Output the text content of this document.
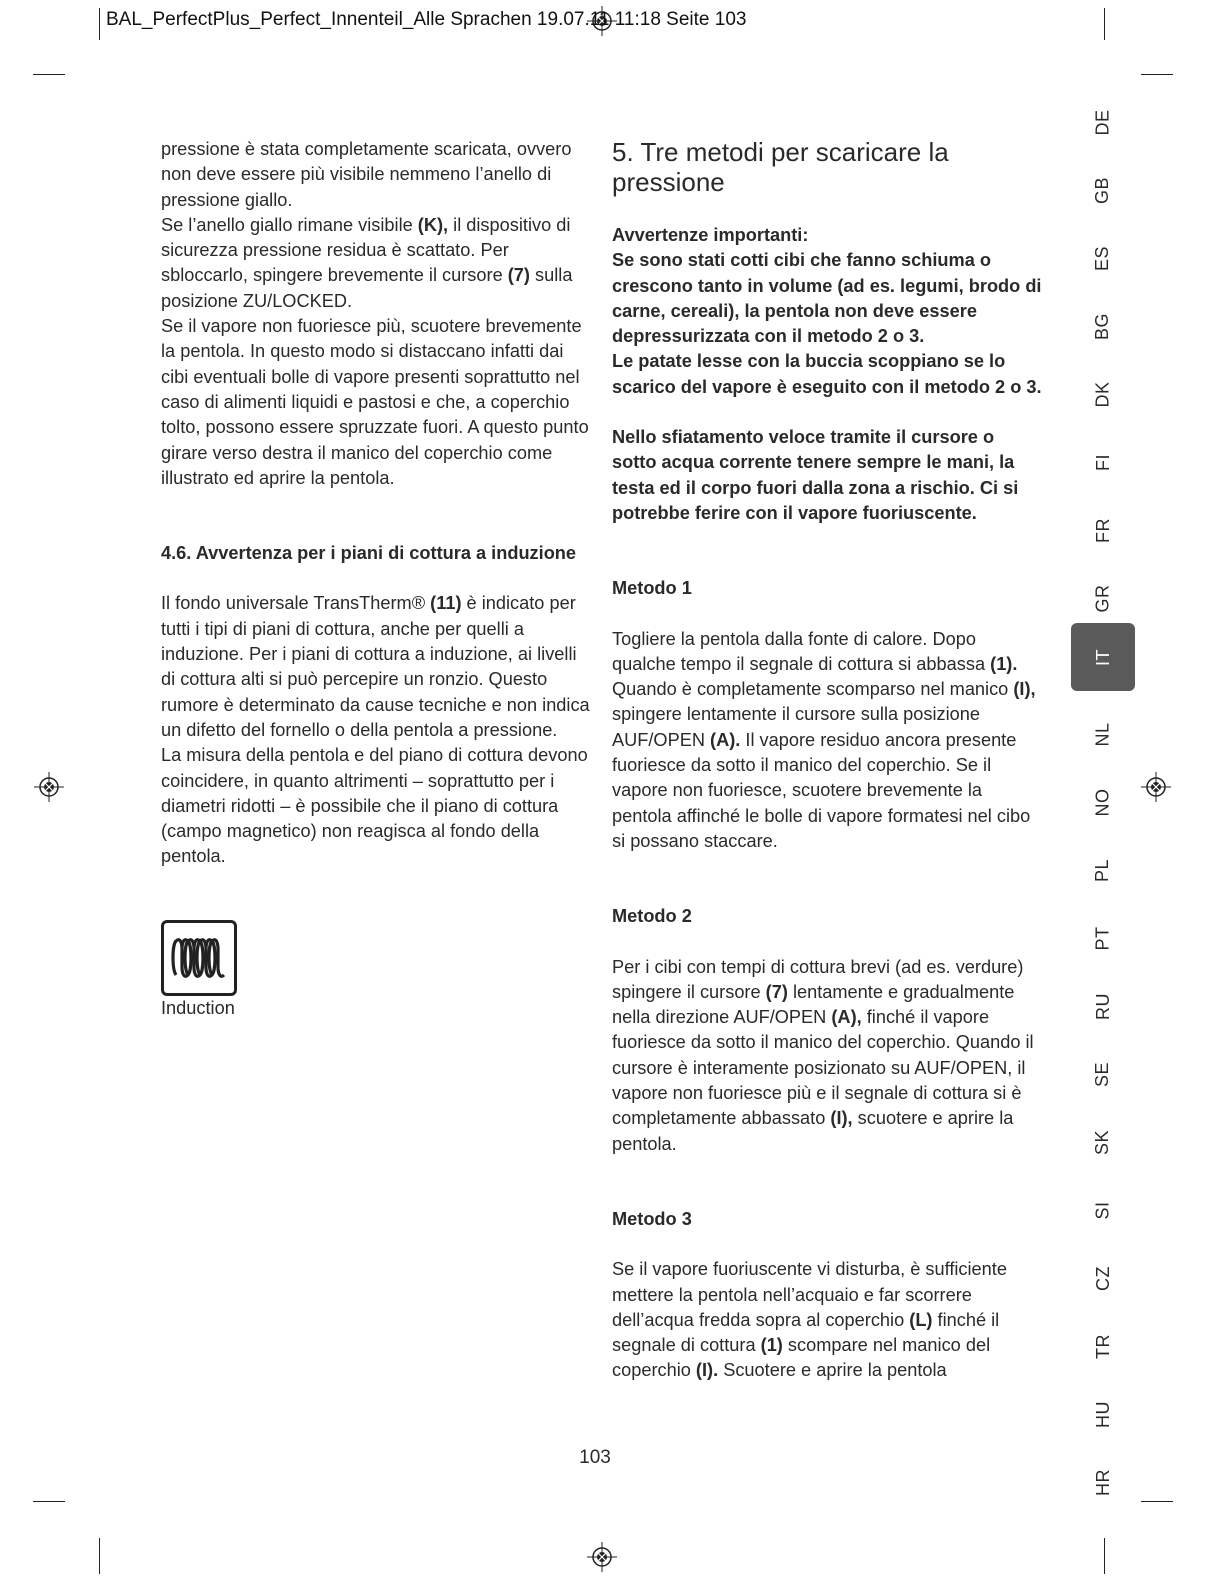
BAL_PerfectPlus_Perfect_Innenteil_Alle Sprachen 19.07.11 11:18 Seite 103

pressione è stata completamente scaricata, ovvero

non deve essere più visibile nemmeno l’anello di

pressione giallo.

Se l’anello giallo rimane visibile (K), il dispositivo di sicurezza pressione residua è scattato. Per sbloccarlo, spingere brevemente il cursore (7) sulla posizione ZU/LOCKED.

Se il vapore non fuoriesce più, scuotere brevemente la pentola. In questo modo si distaccano infatti dai cibi eventuali bolle di vapore presenti soprattutto nel caso di alimenti liquidi e pastosi e che, a coperchio tolto, possono essere spruzzate fuori. A questo punto girare verso destra il manico del coperchio come illustrato ed aprire la pentola.

4.6. Avvertenza per i piani di cottura a induzione

Il fondo universale TransTherm® (11) è indicato per tutti i tipi di piani di cottura, anche per quelli a induzione. Per i piani di cottura a induzione, ai livelli di cottura alti si può percepire un ronzio. Questo rumore è determinato da cause tecniche e non indica un difetto del fornello o della pentola a pressione.

La misura della pentola e del piano di cottura devono coincidere, in quanto altrimenti – soprattutto per i diametri ridotti – è possibile che il piano di cottura (campo magnetico) non reagisca al fondo della pentola.

Induction

5. Tre metodi per scaricare la pressione

Avvertenze importanti:

Se sono stati cotti cibi che fanno schiuma o crescono tanto in volume (ad es. legumi, brodo di carne, cereali), la pentola non deve essere depressurizzata con il metodo 2 o 3.

Le patate lesse con la buccia scoppiano se lo scarico del vapore è eseguito con il metodo 2 o 3.

Nello sfiatamento veloce tramite il cursore o sotto acqua corrente tenere sempre le mani, la testa ed il corpo fuori dalla zona a rischio. Ci si potrebbe ferire con il vapore fuoriuscente.

Metodo 1

Togliere la pentola dalla fonte di calore. Dopo qualche tempo il segnale di cottura si abbassa (1). Quando è completamente scomparso nel manico (I), spingere lentamente il cursore sulla posizione AUF/OPEN (A). Il vapore residuo ancora presente fuoriesce da sotto il manico del coperchio. Se il vapore non fuoriesce, scuotere brevemente la pentola affinché le bolle di vapore formatesi nel cibo si possano staccare.

Metodo 2

Per i cibi con tempi di cottura brevi (ad es. verdure) spingere il cursore (7) lentamente e gradualmente nella direzione AUF/OPEN (A), finché il vapore fuoriesce da sotto il manico del coperchio. Quando il cursore è interamente posizionato su AUF/OPEN, il vapore non fuoriesce più e il segnale di cottura si è completamente abbassato (I), scuotere e aprire la pentola.

Metodo 3

Se il vapore fuoriuscente vi disturba, è sufficiente mettere la pentola nell’acquaio e far scorrere dell’acqua fredda sopra al coperchio (L) finché il segnale di cottura (1) scompare nel manico del coperchio (I). Scuotere e aprire la pentola

DE
GB
ES
BG
DK
FI
FR
GR
IT
NL
NO
PL
PT
RU
SE
SK
SI
CZ
TR
HU
HR
103
